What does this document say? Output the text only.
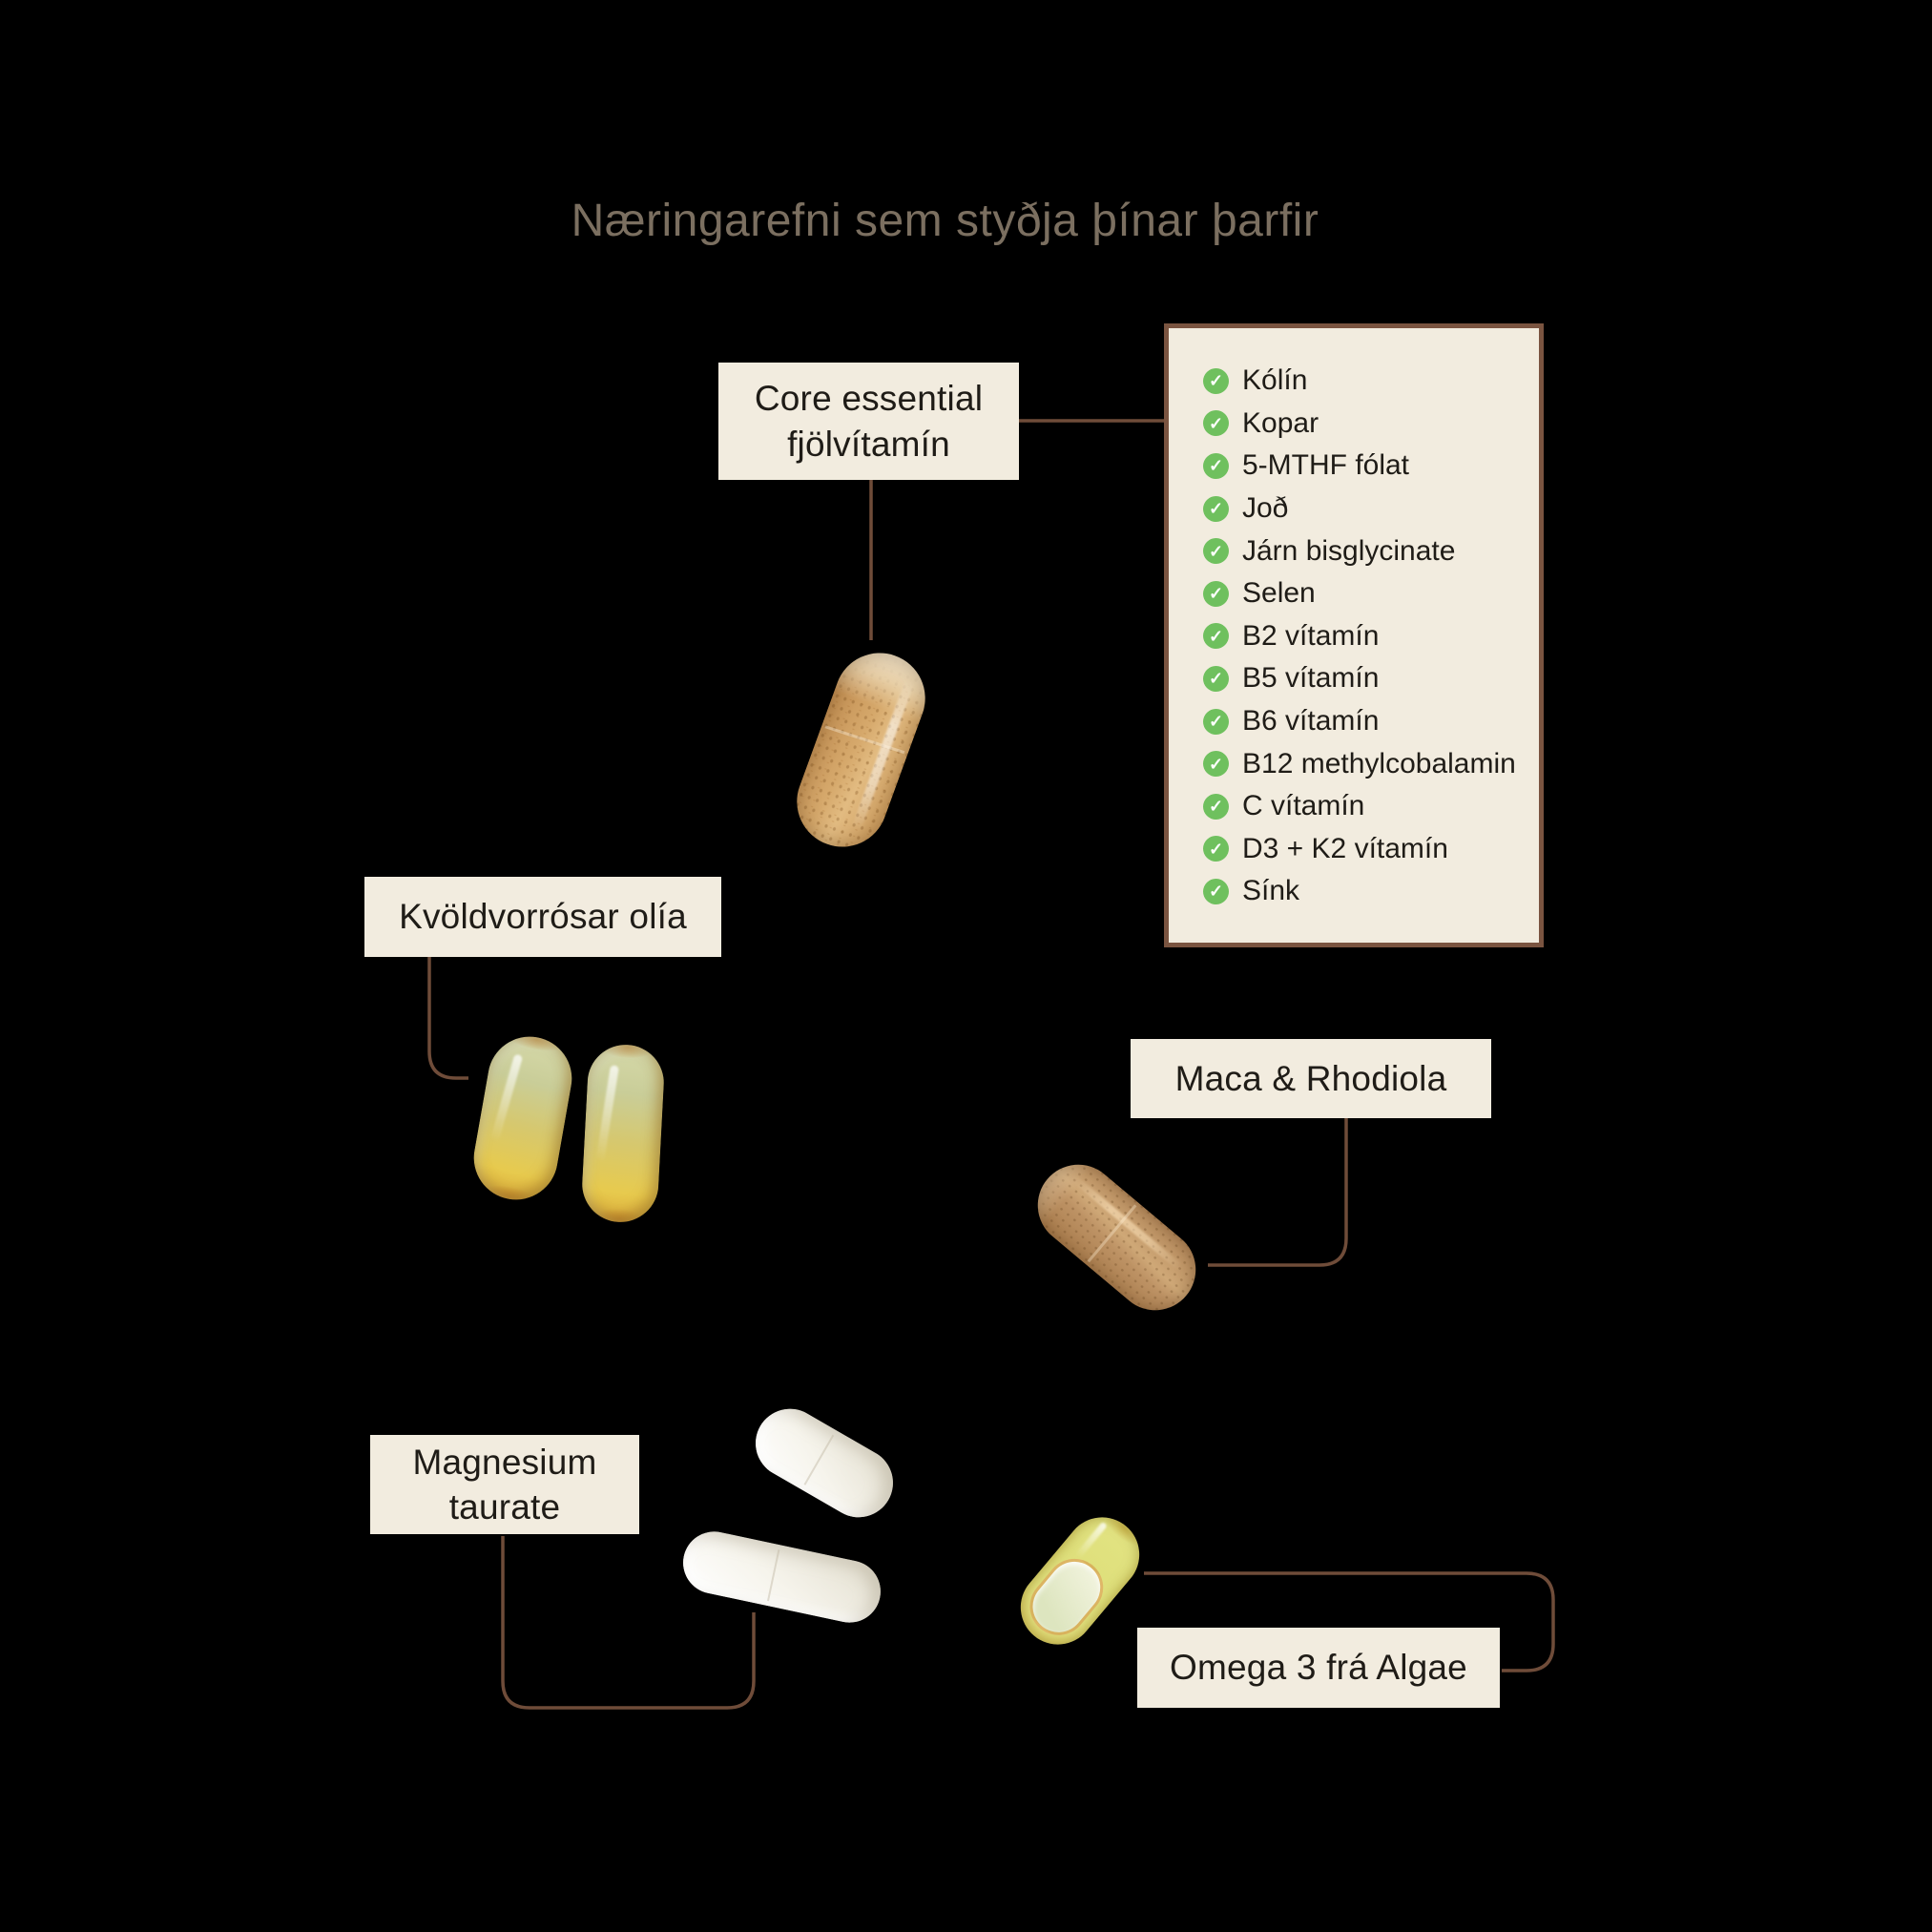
Næringarefni sem styðja þínar þarfir
Core essential
fjölvítamín
Kvöldvorrósar olía
Maca & Rhodiola
Magnesium
taurate
Omega 3 frá Algae
✓ Kólín
✓ Kopar
✓ 5-MTHF fólat
✓ Joð
✓ Járn bisglycinate
✓ Selen
✓ B2 vítamín
✓ B5 vítamín
✓ B6 vítamín
✓ B12 methylcobalamin
✓ C vítamín
✓ D3 + K2 vítamín
✓ Sínk
